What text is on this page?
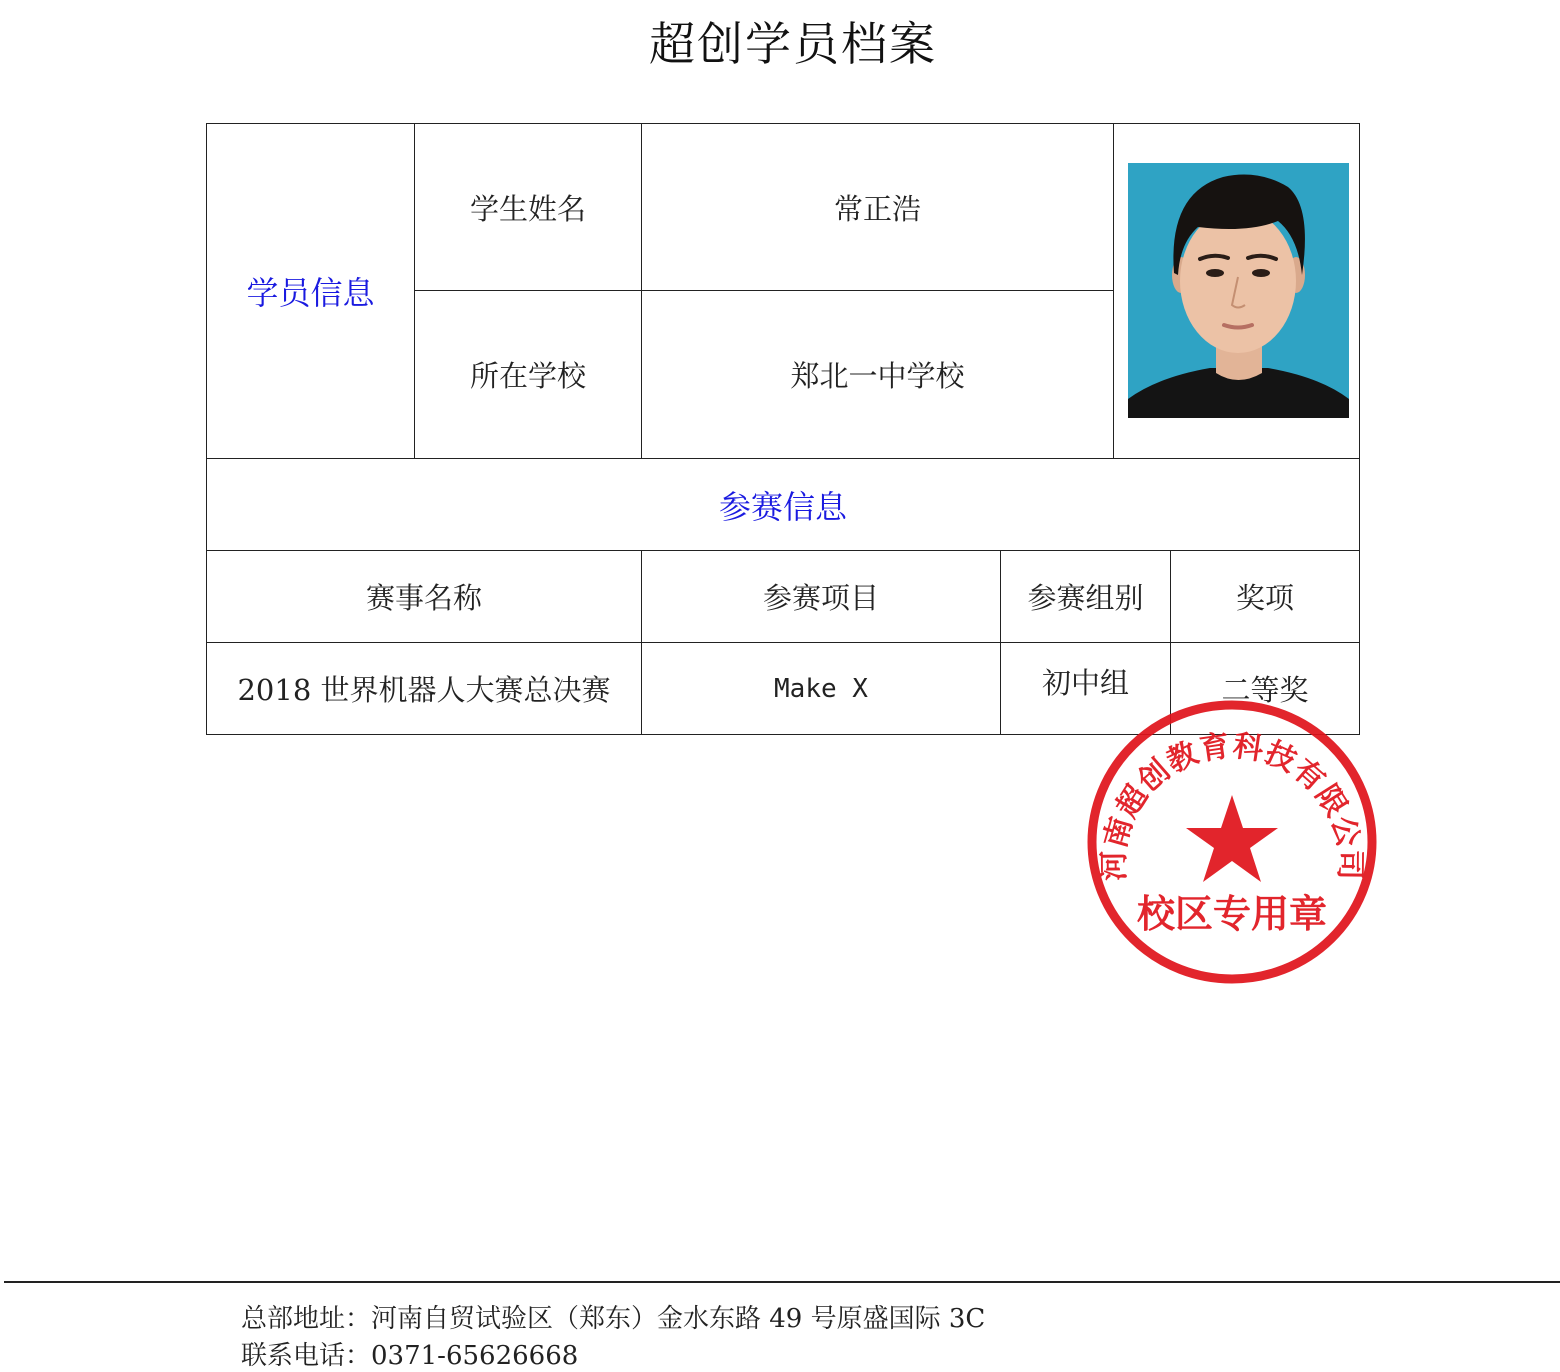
超创学员档案
学员信息
学生姓名	常正浩
所在学校	郑北一中学校
参赛信息
赛事名称	参赛项目	参赛组别	奖项
2018 世界机器人大赛总决赛	Make X	初中组	二等奖
河南超创教育科技有限公司
校区专用章
总部地址：河南自贸试验区（郑东）金水东路 49 号原盛国际 3C
联系电话：0371-65626668
